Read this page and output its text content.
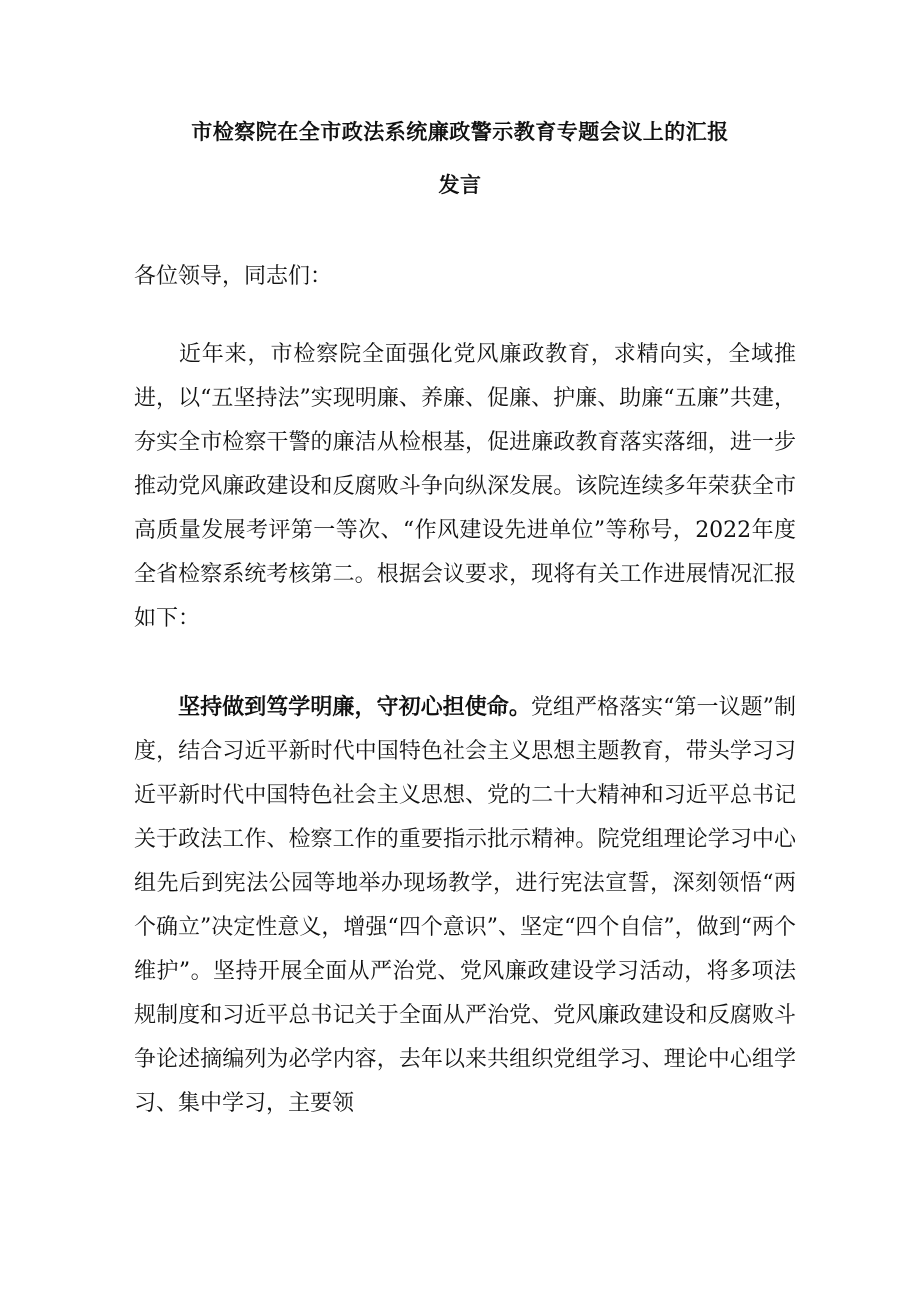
市检察院在全市政法系统廉政警示教育专题会议上的汇报
发言

各位领导，同志们：

近年来，市检察院全面强化党风廉政教育，求精向实，全域推进，以“五坚持法”实现明廉、养廉、促廉、护廉、助廉“五廉”共建，夯实全市检察干警的廉洁从检根基，促进廉政教育落实落细，进一步推动党风廉政建设和反腐败斗争向纵深发展。该院连续多年荣获全市高质量发展考评第一等次、“作风建设先进单位”等称号，2022年度全省检察系统考核第二。根据会议要求，现将有关工作进展情况汇报如下：

坚持做到笃学明廉，守初心担使命。党组严格落实“第一议题”制度，结合习近平新时代中国特色社会主义思想主题教育，带头学习习近平新时代中国特色社会主义思想、党的二十大精神和习近平总书记关于政法工作、检察工作的重要指示批示精神。院党组理论学习中心组先后到宪法公园等地举办现场教学，进行宪法宣誓，深刻领悟“两个确立”决定性意义，增强“四个意识”、坚定“四个自信”，做到“两个维护”。坚持开展全面从严治党、党风廉政建设学习活动，将多项法规制度和习近平总书记关于全面从严治党、党风廉政建设和反腐败斗争论述摘编列为必学内容，去年以来共组织党组学习、理论中心组学习、集中学习，主要领
